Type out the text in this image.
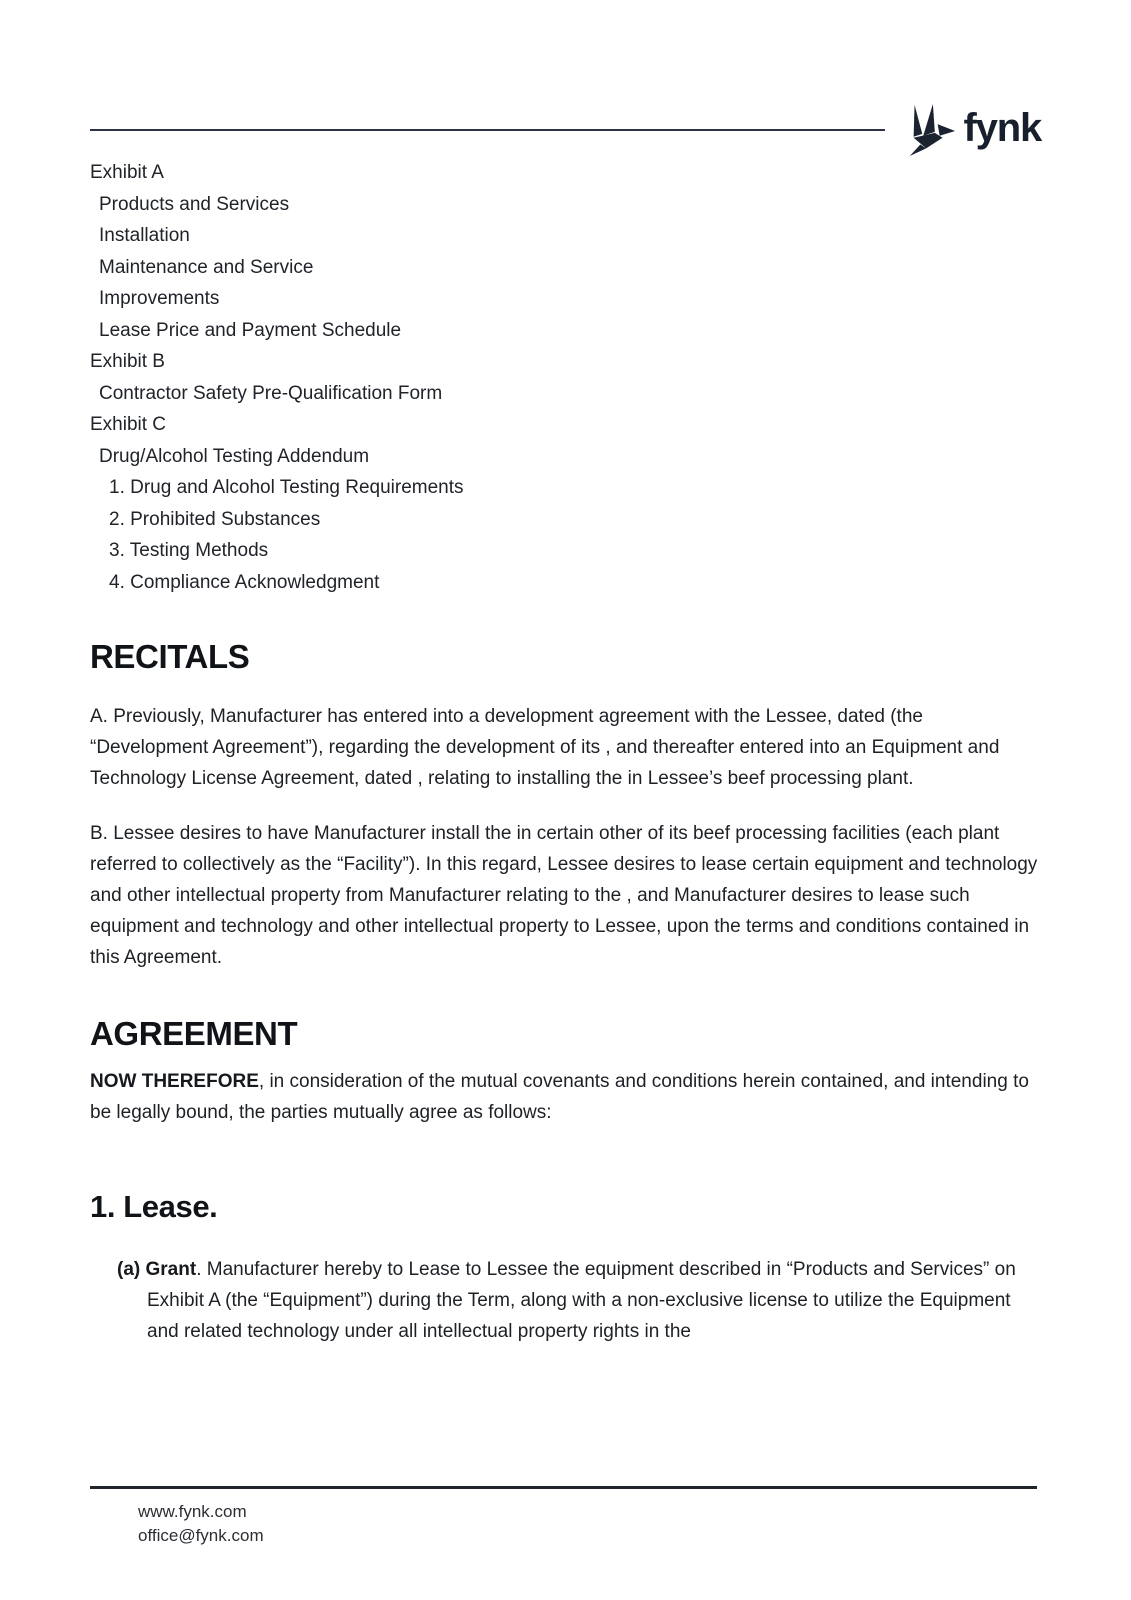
fynk
Exhibit A
Products and Services
Installation
Maintenance and Service
Improvements
Lease Price and Payment Schedule
Exhibit B
Contractor Safety Pre-Qualification Form
Exhibit C
Drug/Alcohol Testing Addendum
1. Drug and Alcohol Testing Requirements
2. Prohibited Substances
3. Testing Methods
4. Compliance Acknowledgment
RECITALS

A. Previously, Manufacturer has entered into a development agreement with the Lessee, dated (the “Development Agreement”), regarding the development of its , and thereafter entered into an Equipment and Technology License Agreement, dated , relating to installing the in Lessee’s beef processing plant.

B. Lessee desires to have Manufacturer install the in certain other of its beef processing facilities (each plant referred to collectively as the “Facility”). In this regard, Lessee desires to lease certain equipment and technology and other intellectual property from Manufacturer relating to the , and Manufacturer desires to lease such equipment and technology and other intellectual property to Lessee, upon the terms and conditions contained in this Agreement.

AGREEMENT

NOW THEREFORE, in consideration of the mutual covenants and conditions herein contained, and intending to be legally bound, the parties mutually agree as follows:

1. Lease.
(a) Grant. Manufacturer hereby to Lease to Lessee the equipment described in “Products and Services” on Exhibit A (the “Equipment”) during the Term, along with a non-exclusive license to utilize the Equipment and related technology under all intellectual property rights in the
www.fynk.com
office@fynk.com
